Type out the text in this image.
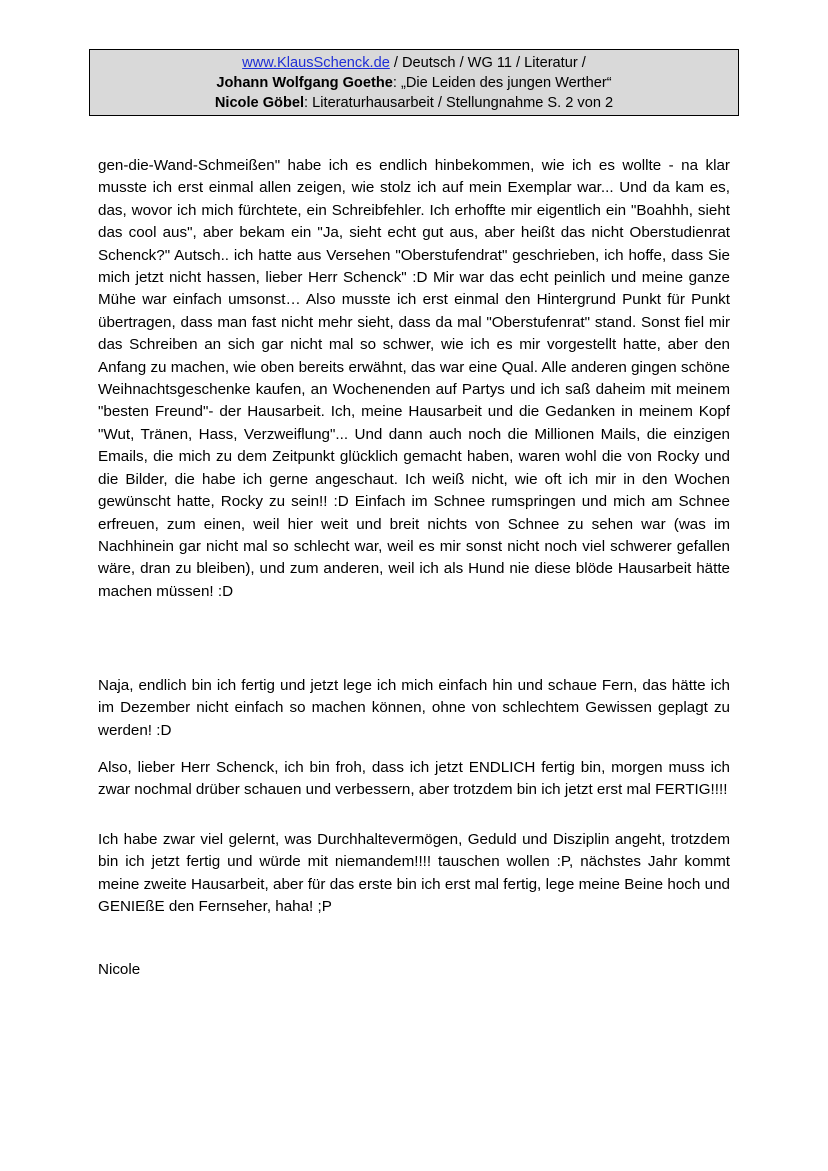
www.KlausSchenck.de / Deutsch / WG 11 / Literatur /
Johann Wolfgang Goethe: „Die Leiden des jungen Werther“
Nicole Göbel: Literaturhausarbeit / Stellungnahme S. 2 von 2

gen-die-Wand-Schmeißen" habe ich es endlich hinbekommen, wie ich es wollte - na klar musste ich erst einmal allen zeigen, wie stolz ich auf mein Exemplar war... Und da kam es, das, wovor ich mich fürchtete, ein Schreibfehler. Ich erhoffte mir eigentlich ein "Boahhh, sieht das cool aus", aber bekam ein "Ja, sieht echt gut aus, aber heißt das nicht Oberstudienrat Schenck?" Autsch.. ich hatte aus Versehen "Oberstufendrat" geschrieben, ich hoffe, dass Sie mich jetzt nicht hassen, lieber Herr Schenck" :D Mir war das echt peinlich und meine ganze Mühe war einfach umsonst… Also musste ich erst einmal den Hintergrund Punkt für Punkt übertragen, dass man fast nicht mehr sieht, dass da mal "Oberstufenrat" stand. Sonst fiel mir das Schreiben an sich gar nicht mal so schwer, wie ich es mir vorgestellt hatte, aber den Anfang zu machen, wie oben bereits erwähnt, das war eine Qual. Alle anderen gingen schöne Weihnachtsgeschenke kaufen, an Wochenenden auf Partys und ich saß daheim mit meinem "besten Freund"- der Hausarbeit. Ich, meine Hausarbeit und die Gedanken in meinem Kopf "Wut, Tränen, Hass, Verzweiflung"... Und dann auch noch die Millionen Mails, die einzigen Emails, die mich zu dem Zeitpunkt glücklich gemacht haben, waren wohl die von Rocky und die Bilder, die habe ich gerne angeschaut. Ich weiß nicht, wie oft ich mir in den Wochen gewünscht hatte, Rocky zu sein!! :D Einfach im Schnee rumspringen und mich am Schnee erfreuen, zum einen, weil hier weit und breit nichts von Schnee zu sehen war (was im Nachhinein gar nicht mal so schlecht war, weil es mir sonst nicht noch viel schwerer gefallen wäre, dran zu bleiben), und zum anderen, weil ich als Hund nie diese blöde Hausarbeit hätte machen müssen! :D

Naja, endlich bin ich fertig und jetzt lege ich mich einfach hin und schaue Fern, das hätte ich im Dezember nicht einfach so machen können, ohne von schlechtem Gewissen geplagt zu werden! :D

Also, lieber Herr Schenck, ich bin froh, dass ich jetzt ENDLICH fertig bin, morgen muss ich zwar nochmal drüber schauen und verbessern, aber trotzdem bin ich jetzt erst mal FERTIG!!!!

Ich habe zwar viel gelernt, was Durchhaltevermögen, Geduld und Disziplin angeht, trotzdem bin ich jetzt fertig und würde mit niemandem!!!! tauschen wollen :P, nächstes Jahr kommt meine zweite Hausarbeit, aber für das erste bin ich erst mal fertig, lege meine Beine hoch und GENIEßE den Fernseher, haha! ;P

Nicole
